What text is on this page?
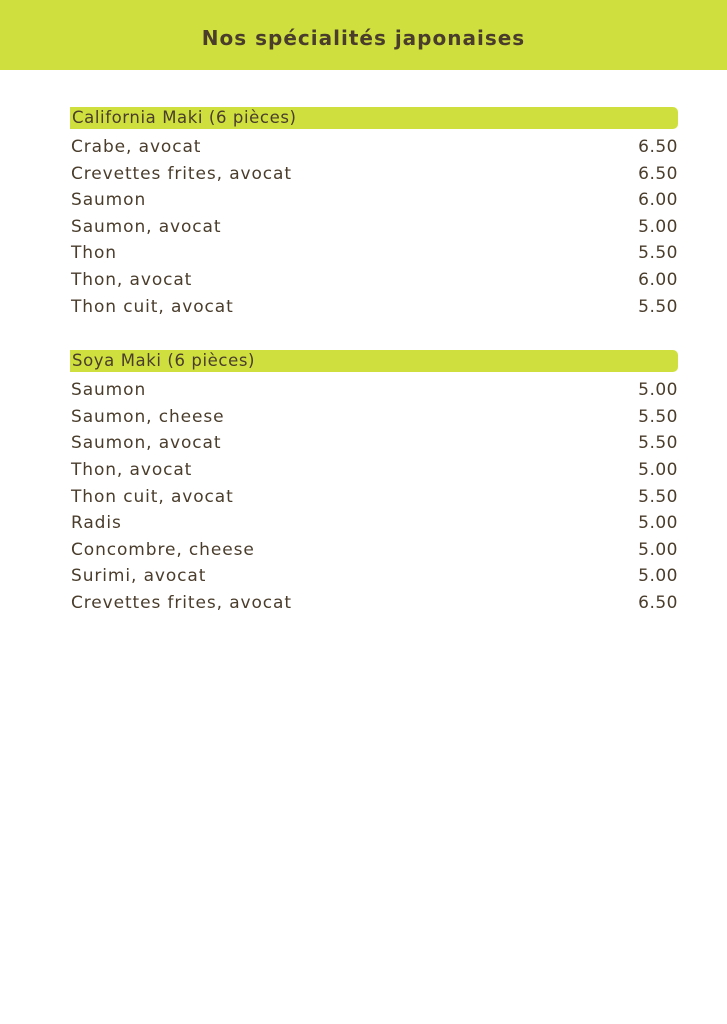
Nos spécialités japonaises
California Maki (6 pièces)
Crabe, avocat	6.50
Crevettes frites, avocat	6.50
Saumon	6.00
Saumon, avocat	5.00
Thon	5.50
Thon, avocat	6.00
Thon cuit, avocat	5.50
Soya Maki (6 pièces)
Saumon	5.00
Saumon, cheese	5.50
Saumon, avocat	5.50
Thon, avocat	5.00
Thon cuit, avocat	5.50
Radis	5.00
Concombre, cheese	5.00
Surimi, avocat	5.00
Crevettes frites, avocat	6.50
